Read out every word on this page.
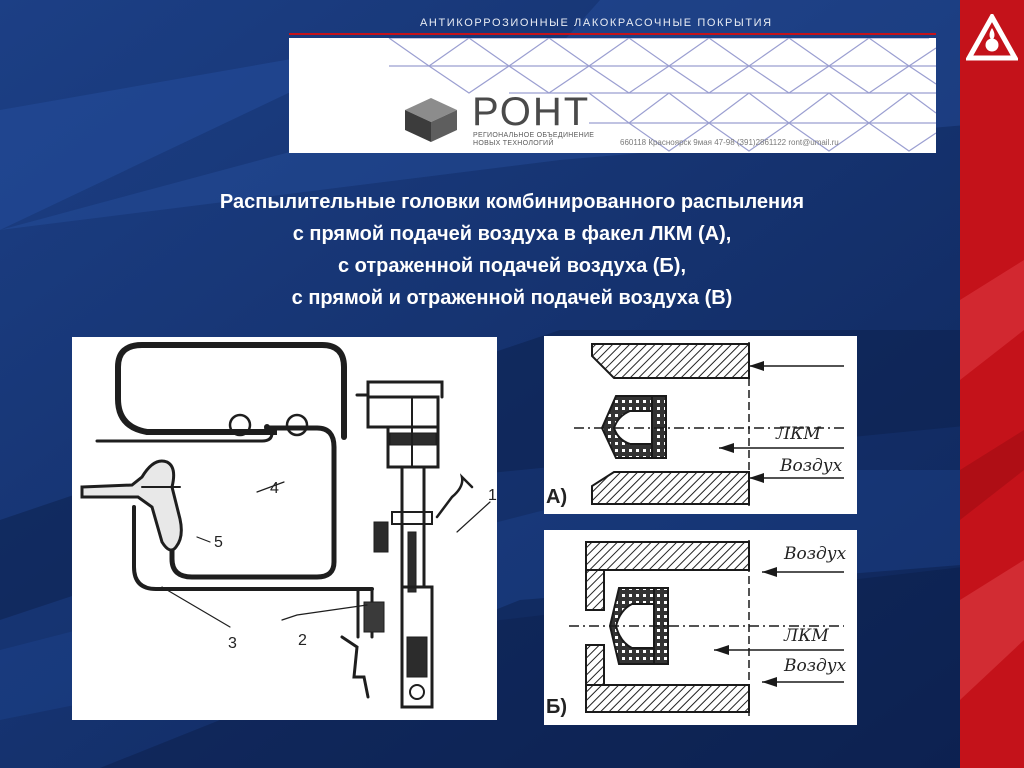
АНТИКОРРОЗИОННЫЕ ЛАКОКРАСОЧНЫЕ ПОКРЫТИЯ
РОНТ
РЕГИОНАЛЬНОЕ ОБЪЕДИНЕНИЕ
НОВЫХ ТЕХНОЛОГИЙ	660118 Красноярск 9мая 47-98 (391)2861122 ront@umail.ru
Распылительные головки комбинированного распыления
с прямой подачей воздуха в факел ЛКМ (А),
с отраженной подачей воздуха (Б),
с прямой и отраженной подачей воздуха (В)
1
2
3
4
5
ЛКМ
Воздух
А)
Воздух
ЛКМ
Воздух
Б)
